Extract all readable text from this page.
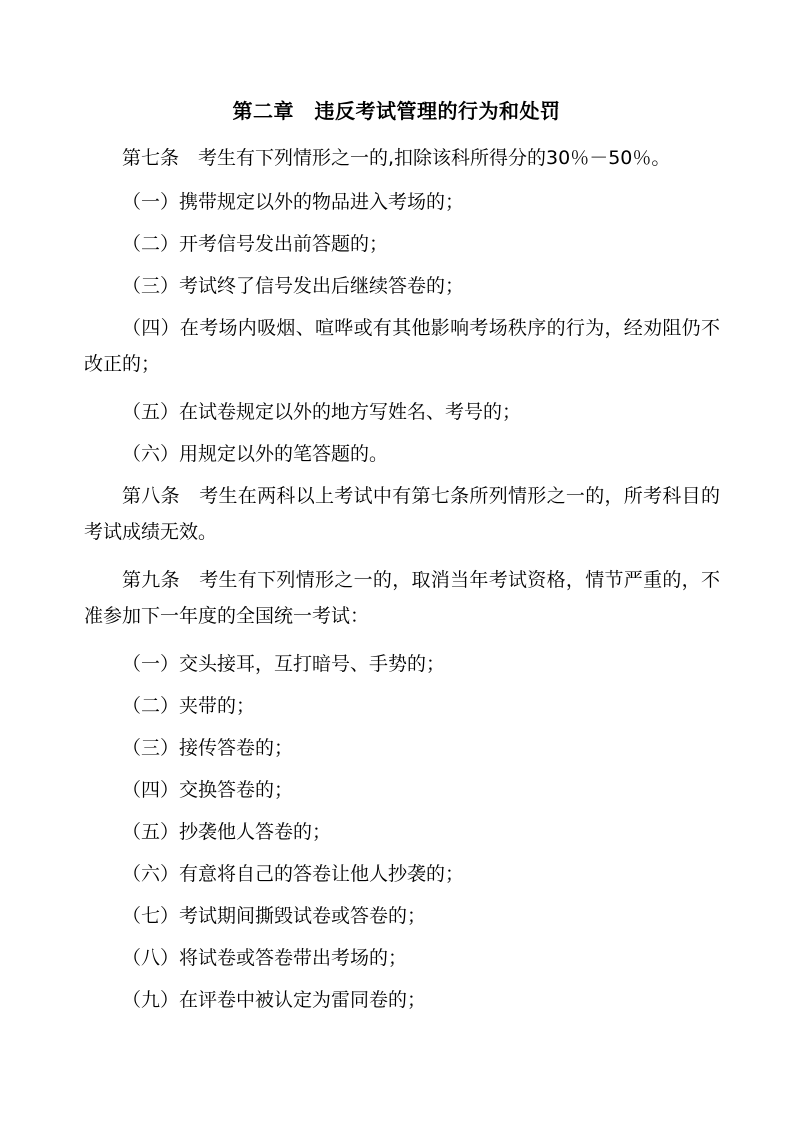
第二章　违反考试管理的行为和处罚

第七条　考生有下列情形之一的,扣除该科所得分的30％－50％。

（一）携带规定以外的物品进入考场的；

（二）开考信号发出前答题的；

（三）考试终了信号发出后继续答卷的；

（四）在考场内吸烟、喧哗或有其他影响考场秩序的行为，经劝阻仍不改正的；

（五）在试卷规定以外的地方写姓名、考号的；

（六）用规定以外的笔答题的。

第八条　考生在两科以上考试中有第七条所列情形之一的，所考科目的考试成绩无效。

第九条　考生有下列情形之一的，取消当年考试资格，情节严重的，不准参加下一年度的全国统一考试：

（一）交头接耳，互打暗号、手势的；

（二）夹带的；

（三）接传答卷的；

（四）交换答卷的；

（五）抄袭他人答卷的；

（六）有意将自己的答卷让他人抄袭的；

（七）考试期间撕毁试卷或答卷的；

（八）将试卷或答卷带出考场的；

（九）在评卷中被认定为雷同卷的；
